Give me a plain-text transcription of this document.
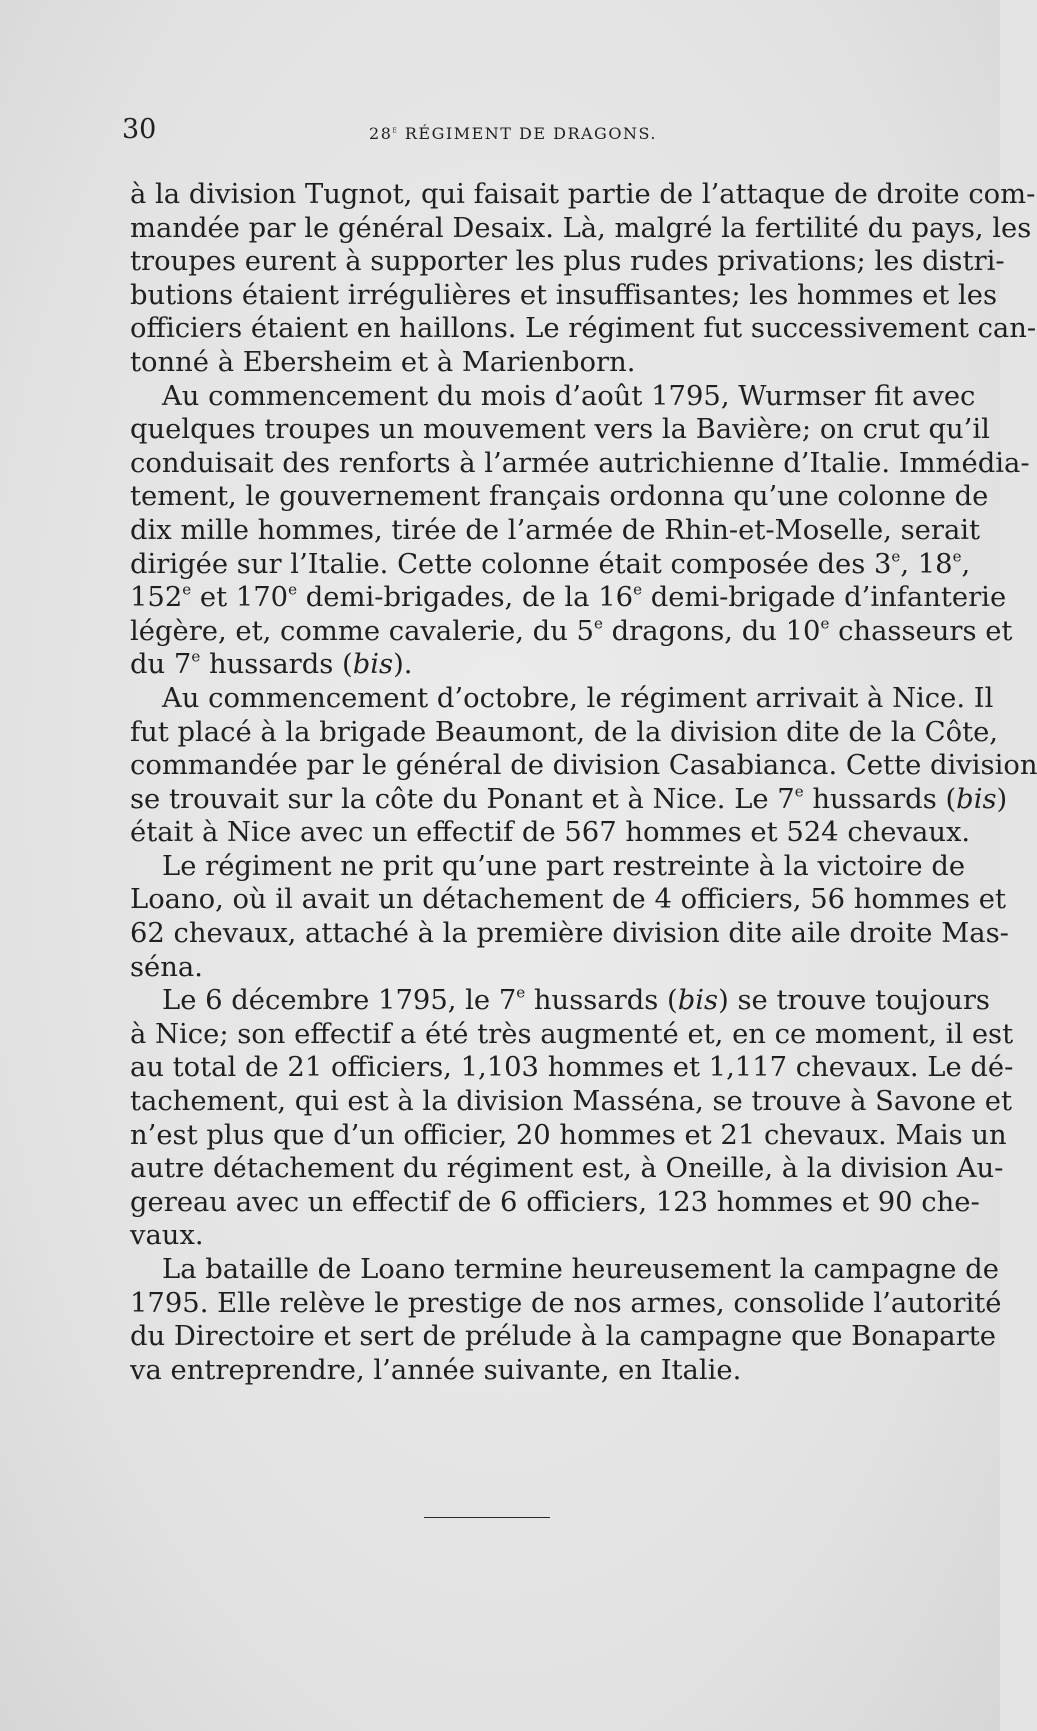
30	28e RÉGIMENT DE DRAGONS.

à la division Tugnot, qui faisait partie de l’attaque de droite com-
mandée par le général Desaix. Là, malgré la fertilité du pays, les
troupes eurent à supporter les plus rudes privations; les distri-
butions étaient irrégulières et insuffisantes; les hommes et les
officiers étaient en haillons. Le régiment fut successivement can-
tonné à Ebersheim et à Marienborn.

Au commencement du mois d’août 1795, Wurmser fit avec
quelques troupes un mouvement vers la Bavière; on crut qu’il
conduisait des renforts à l’armée autrichienne d’Italie. Immédia-
tement, le gouvernement français ordonna qu’une colonne de
dix mille hommes, tirée de l’armée de Rhin-et-Moselle, serait
dirigée sur l’Italie. Cette colonne était composée des 3e, 18e,
152e et 170e demi-brigades, de la 16e demi-brigade d’infanterie
légère, et, comme cavalerie, du 5e dragons, du 10e chasseurs et
du 7e hussards (bis).

Au commencement d’octobre, le régiment arrivait à Nice. Il
fut placé à la brigade Beaumont, de la division dite de la Côte,
commandée par le général de division Casabianca. Cette division
se trouvait sur la côte du Ponant et à Nice. Le 7e hussards (bis)
était à Nice avec un effectif de 567 hommes et 524 chevaux.

Le régiment ne prit qu’une part restreinte à la victoire de
Loano, où il avait un détachement de 4 officiers, 56 hommes et
62 chevaux, attaché à la première division dite aile droite Mas-
séna.

Le 6 décembre 1795, le 7e hussards (bis) se trouve toujours
à Nice; son effectif a été très augmenté et, en ce moment, il est
au total de 21 officiers, 1,103 hommes et 1,117 chevaux. Le dé-
tachement, qui est à la division Masséna, se trouve à Savone et
n’est plus que d’un officier, 20 hommes et 21 chevaux. Mais un
autre détachement du régiment est, à Oneille, à la division Au-
gereau avec un effectif de 6 officiers, 123 hommes et 90 che-
vaux.

La bataille de Loano termine heureusement la campagne de
1795. Elle relève le prestige de nos armes, consolide l’autorité
du Directoire et sert de prélude à la campagne que Bonaparte
va entreprendre, l’année suivante, en Italie.
